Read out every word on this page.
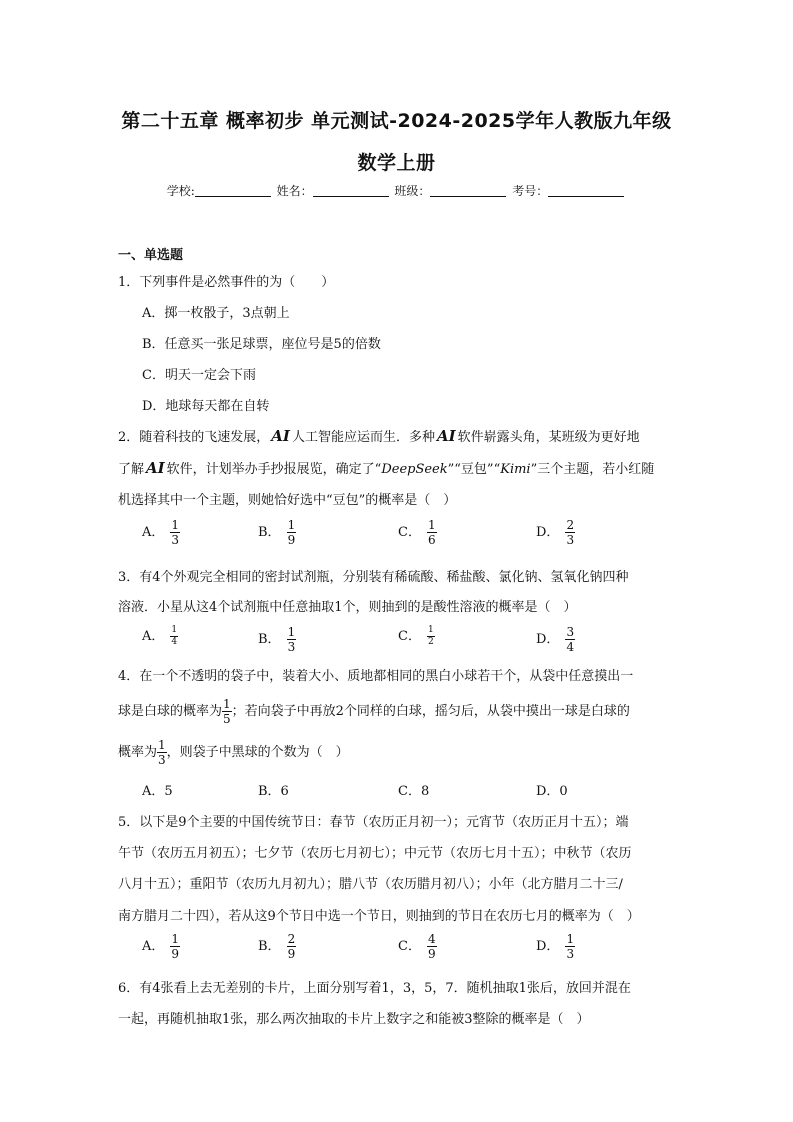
第二十五章 概率初步 单元测试-2024-2025学年人教版九年级
数学上册
学校:	姓名：	班级：	考号：
一、单选题
1．下列事件是必然事件的为（　　）
A．掷一枚骰子，3点朝上
B．任意买一张足球票，座位号是5的倍数
C．明天一定会下雨
D．地球每天都在自转
2．随着科技的飞速发展， AI 人工智能应运而生．多种 AI 软件崭露头角，某班级为更好地
了解 AI 软件，计划举办手抄报展览，确定了“DeepSeek”“豆包”“Kimi”三个主题，若小红随
机选择其中一个主题，则她恰好选中“豆包”的概率是（　）
A． $\frac{1}{3}$	B． $\frac{1}{9}$	C． $\frac{1}{6}$	D． $\frac{2}{3}$
3．有4个外观完全相同的密封试剂瓶，分别装有稀硫酸、稀盐酸、氯化钠、氢氧化钠四种
溶液．小星从这4个试剂瓶中任意抽取1个，则抽到的是酸性溶液的概率是（　）
A． $\frac{1}{4}$	B． $\frac{1}{3}$	C． $\frac{1}{2}$	D． $\frac{3}{4}$
4．在一个不透明的袋子中，装着大小、质地都相同的黑白小球若干个，从袋中任意摸出一
球是白球的概率为 $\frac{1}{5}$ ；若向袋子中再放2个同样的白球，摇匀后，从袋中摸出一球是白球的
概率为 $\frac{1}{3}$ ，则袋子中黑球的个数为（　）
A．5	B．6	C．8	D．0
5．以下是9个主要的中国传统节日：春节（农历正月初一）；元宵节（农历正月十五）；端
午节（农历五月初五）；七夕节（农历七月初七）；中元节（农历七月十五）；中秋节（农历
八月十五）；重阳节（农历九月初九）；腊八节（农历腊月初八）；小年（北方腊月二十三/
南方腊月二十四），若从这9个节日中选一个节日，则抽到的节日在农历七月的概率为（　）
A． $\frac{1}{9}$	B． $\frac{2}{9}$	C． $\frac{4}{9}$	D． $\frac{1}{3}$
6．有4张看上去无差别的卡片，上面分别写着1，3，5，7．随机抽取1张后，放回并混在
一起，再随机抽取1张，那么两次抽取的卡片上数字之和能被3整除的概率是（　）
